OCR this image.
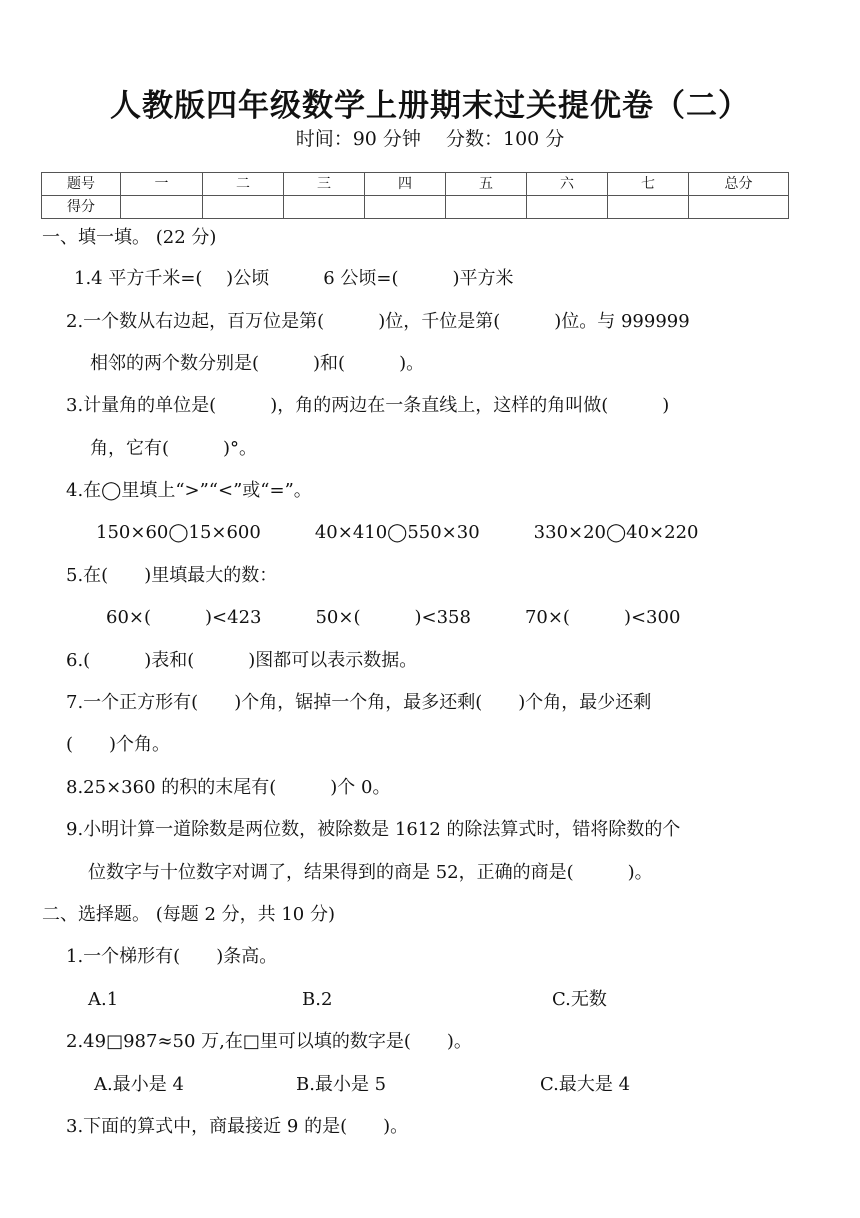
人教版四年级数学上册期末过关提优卷（二）
时间：90 分钟　 分数：100 分
题号	一	二	三	四	五	六	七	总分
得分								
一、填一填。 (22 分)
1.4 平方千米=(　 )公顷　　　6 公顷=(　　　)平方米
2.一个数从右边起，百万位是第(　　　)位，千位是第(　　　)位。与 999999
相邻的两个数分别是(　　　)和(　　　)。
3.计量角的单位是(　　　)，角的两边在一条直线上，这样的角叫做(　　　)
角，它有(　　　)°。
4.在◯里填上“>”“<”或“=”。
150×60◯15×600　　　40×410◯550×30　　　330×20◯40×220
5.在(　　)里填最大的数：
60×(　　　)<423　　　50×(　　　)<358　　　70×(　　　)<300
6.(　　　)表和(　　　)图都可以表示数据。
7.一个正方形有(　　)个角，锯掉一个角，最多还剩(　　)个角，最少还剩
(　　)个角。
8.25×360 的积的末尾有(　　　)个 0。
9.小明计算一道除数是两位数，被除数是 1612 的除法算式时，错将除数的个
位数字与十位数字对调了，结果得到的商是 52，正确的商是(　　　)。
二、选择题。 (每题 2 分，共 10 分)
1.一个梯形有(　　)条高。
A.1	B.2	C.无数
2.49□987≈50 万,在□里可以填的数字是(　　)。
A.最小是 4	B.最小是 5	C.最大是 4
3.下面的算式中，商最接近 9 的是(　　)。
